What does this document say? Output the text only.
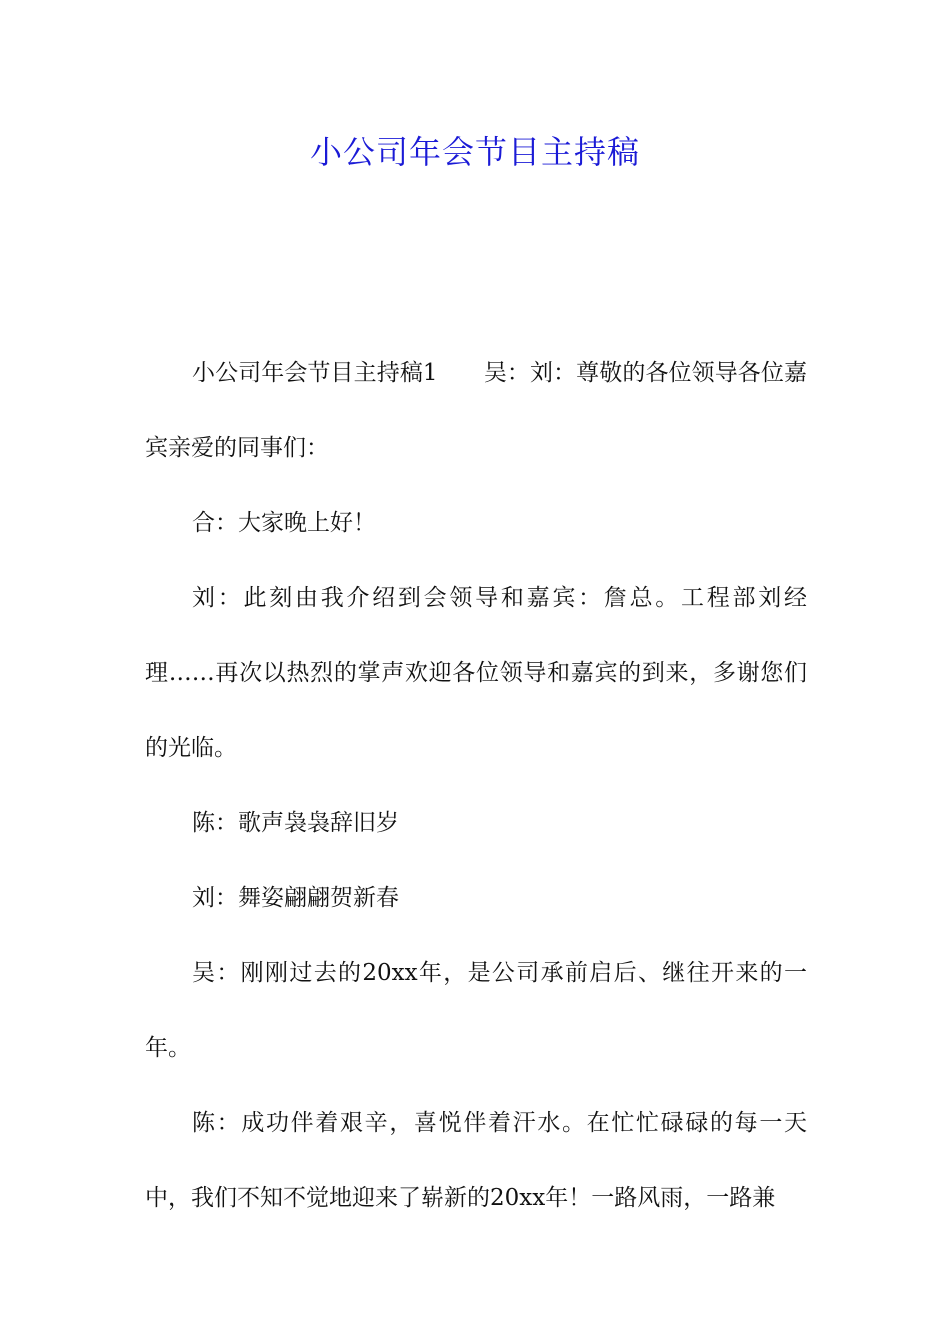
小公司年会节目主持稿

小公司年会节目主持稿1　　吴：刘：尊敬的各位领导各位嘉宾亲爱的同事们：

合：大家晚上好！

刘：此刻由我介绍到会领导和嘉宾：詹总。工程部刘经理……再次以热烈的掌声欢迎各位领导和嘉宾的到来，多谢您们的光临。

陈：歌声袅袅辞旧岁

刘：舞姿翩翩贺新春

吴：刚刚过去的20xx年，是公司承前启后、继往开来的一年。

陈：成功伴着艰辛，喜悦伴着汗水。在忙忙碌碌的每一天中，我们不知不觉地迎来了崭新的20xx年！一路风雨，一路兼
